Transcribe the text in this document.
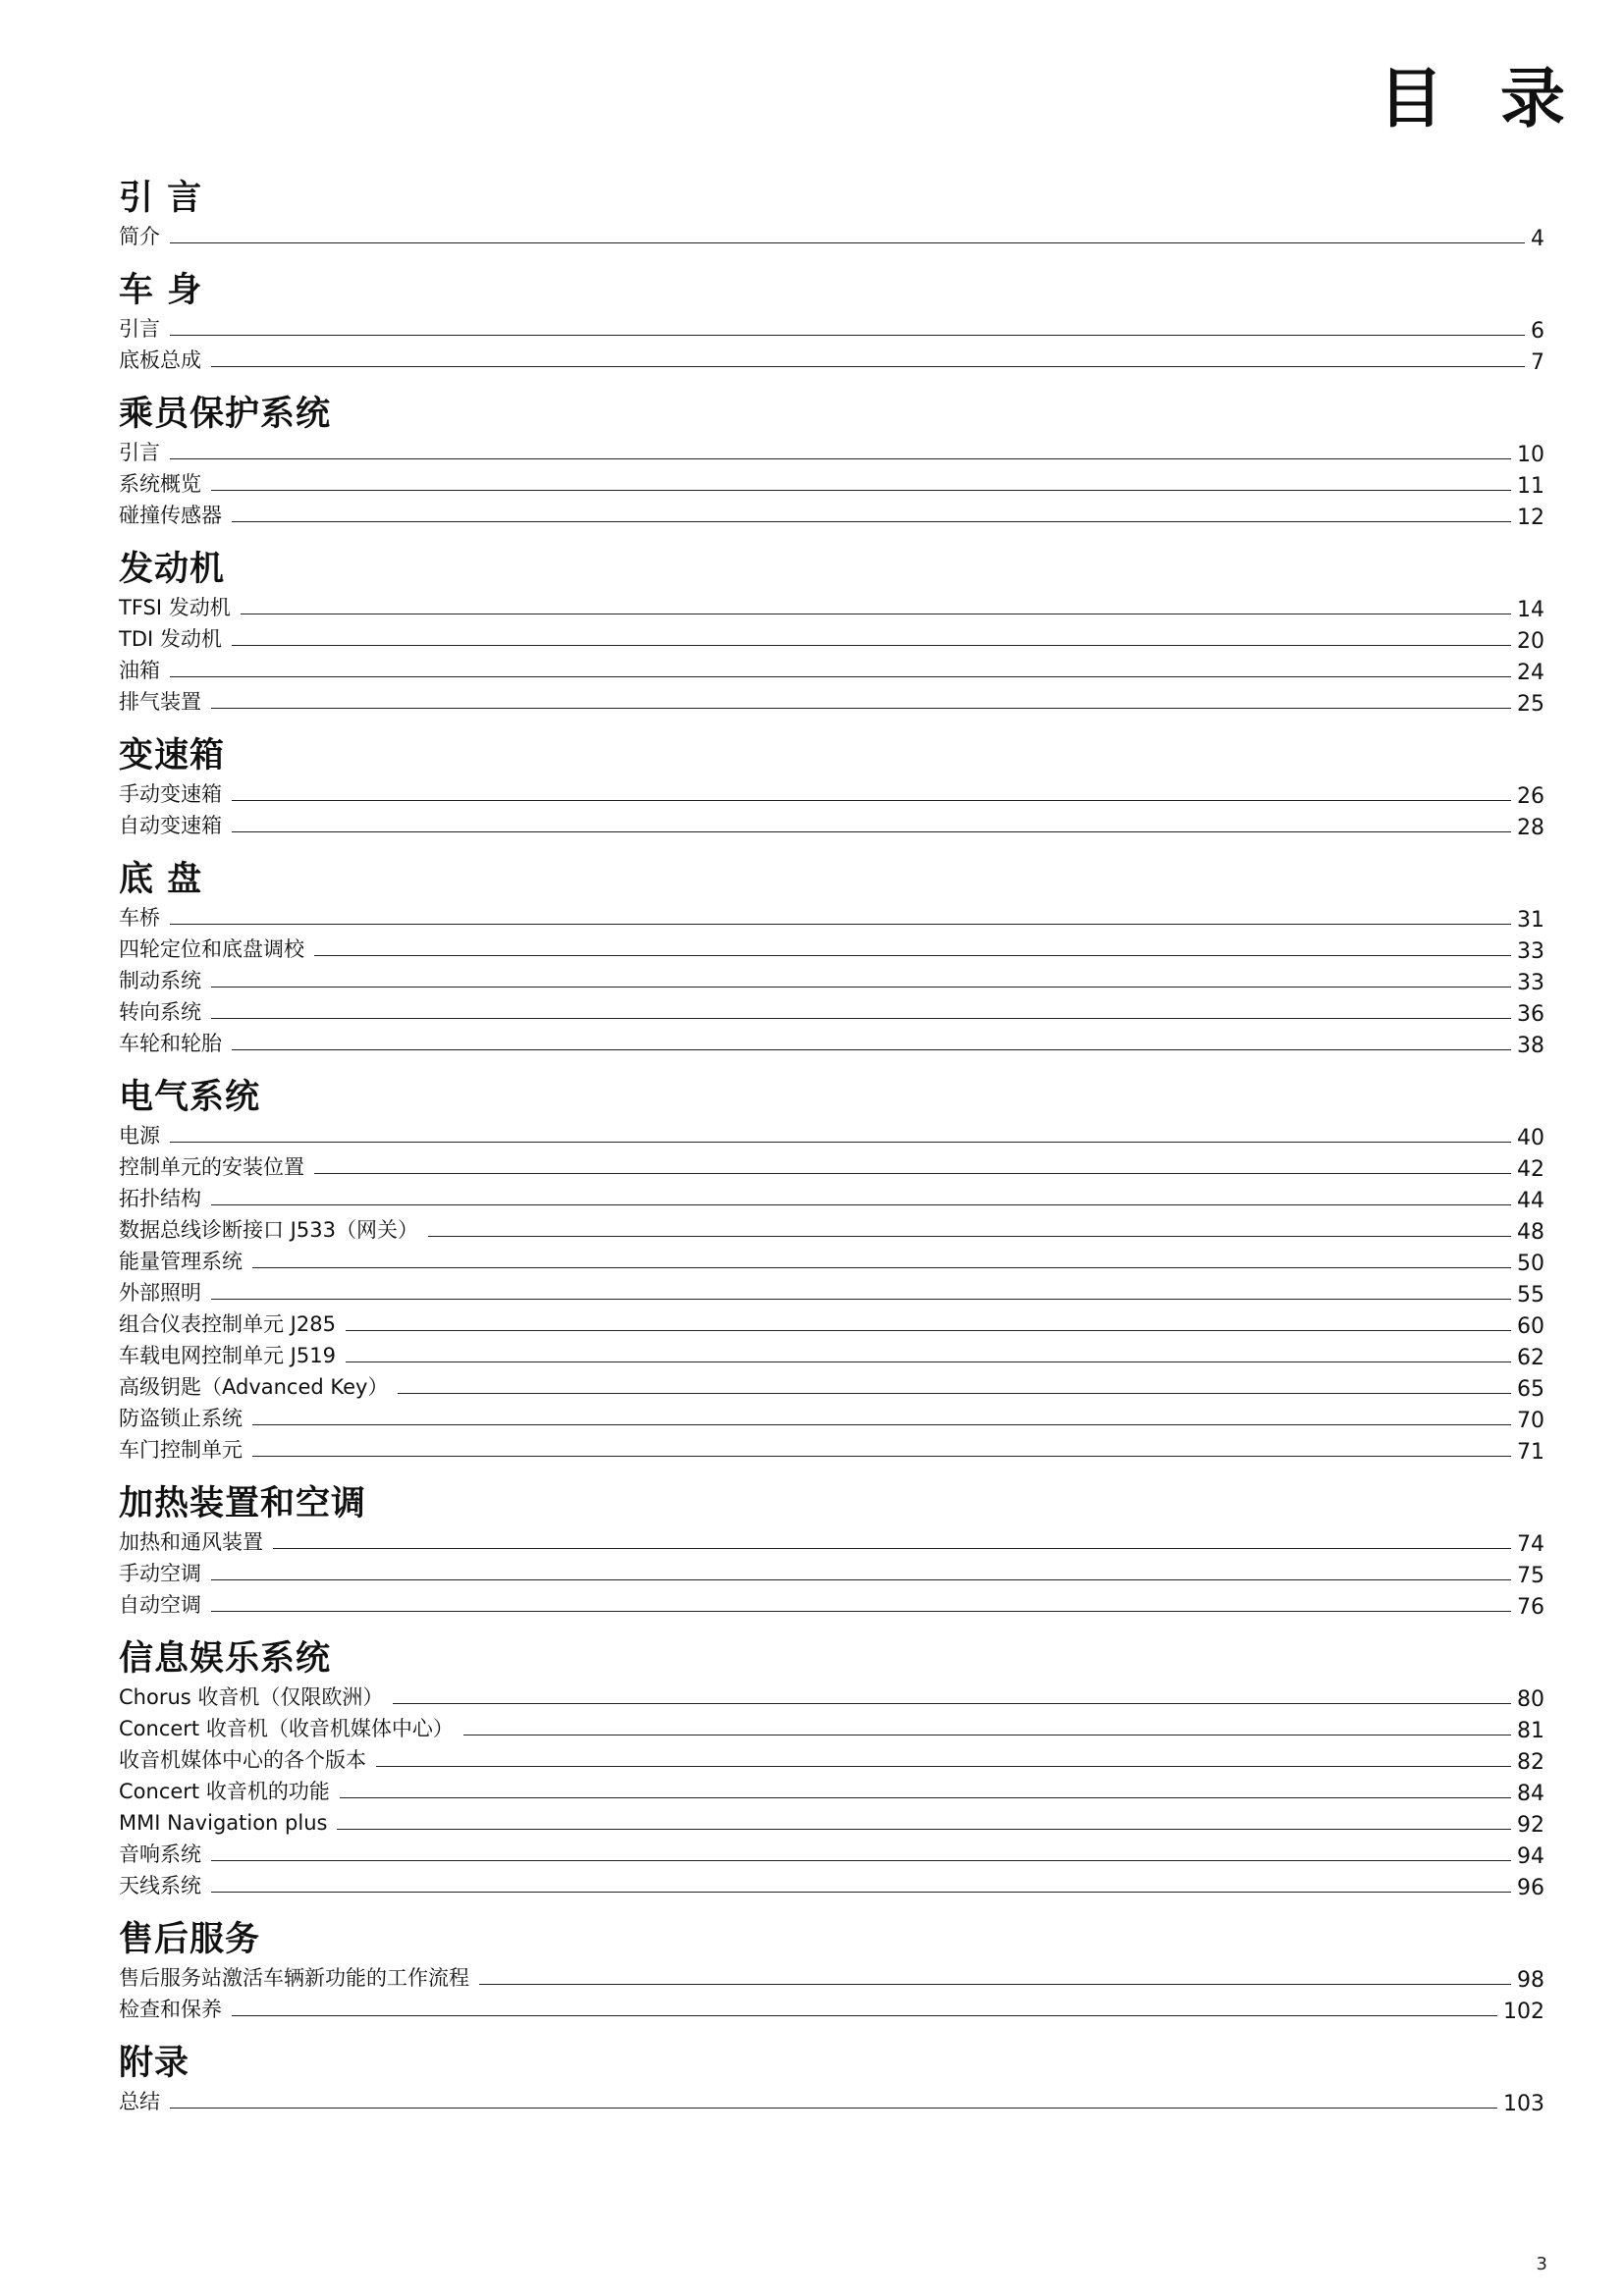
目录
引 言
简介	4
车 身
引言	6
底板总成	7
乘员保护系统
引言	10
系统概览	11
碰撞传感器	12
发动机
TFSI 发动机	14
TDI 发动机	20
油箱	24
排气装置	25
变速箱
手动变速箱	26
自动变速箱	28
底 盘
车桥	31
四轮定位和底盘调校	33
制动系统	33
转向系统	36
车轮和轮胎	38
电气系统
电源	40
控制单元的安装位置	42
拓扑结构	44
数据总线诊断接口 J533（网关）	48
能量管理系统	50
外部照明	55
组合仪表控制单元 J285	60
车载电网控制单元 J519	62
高级钥匙（Advanced Key）	65
防盗锁止系统	70
车门控制单元	71
加热装置和空调
加热和通风装置	74
手动空调	75
自动空调	76
信息娱乐系统
Chorus 收音机（仅限欧洲）	80
Concert 收音机（收音机媒体中心）	81
收音机媒体中心的各个版本	82
Concert 收音机的功能	84
MMI Navigation plus	92
音响系统	94
天线系统	96
售后服务
售后服务站激活车辆新功能的工作流程	98
检查和保养	102
附录
总结	103
3
